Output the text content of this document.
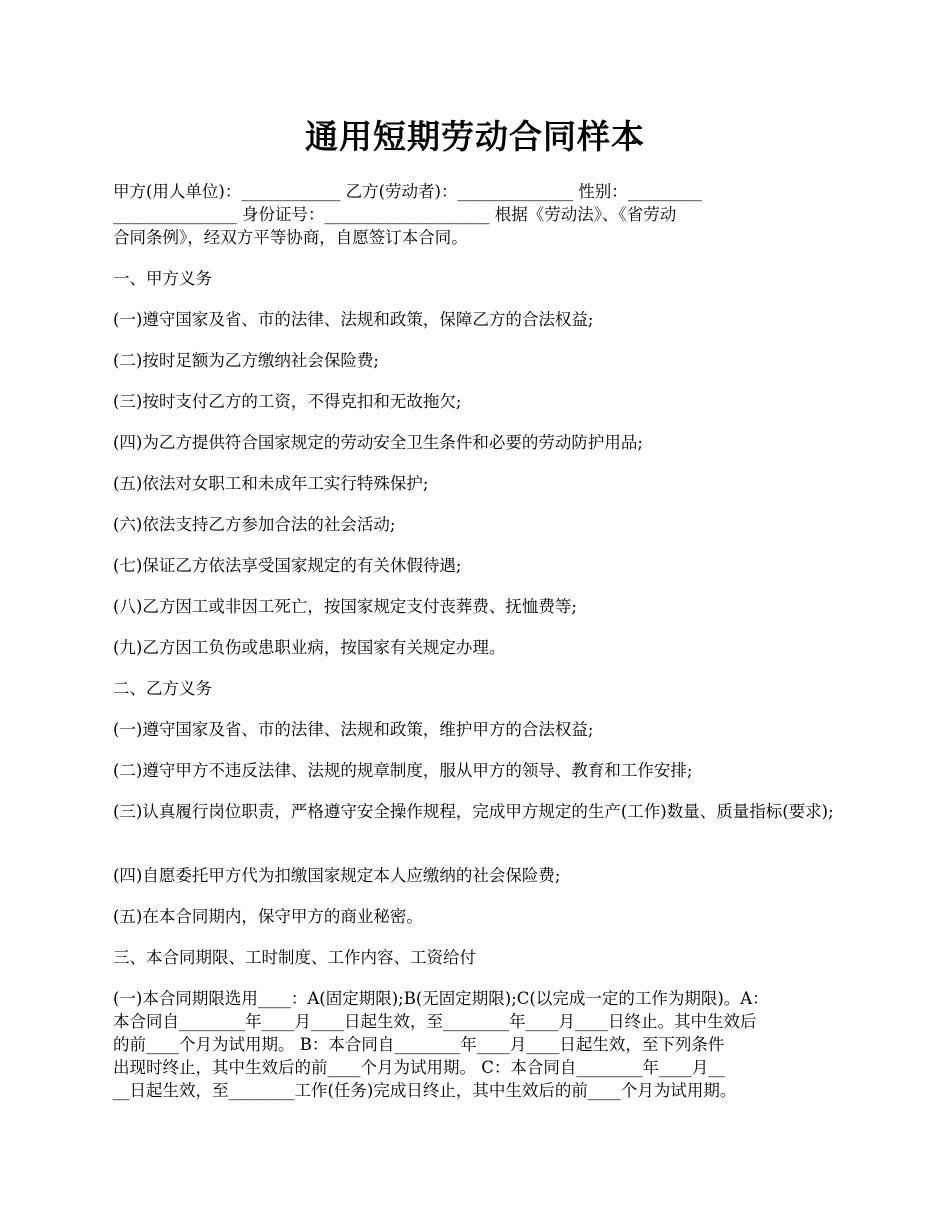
通用短期劳动合同样本
甲方(用人单位)：____________ 乙方(劳动者)：______________ 性别：_________
_______________ 身份证号：____________________ 根据《劳动法》、《省劳动
合同条例》，经双方平等协商，自愿签订本合同。
一、甲方义务
(一)遵守国家及省、市的法律、法规和政策，保障乙方的合法权益;
(二)按时足额为乙方缴纳社会保险费;
(三)按时支付乙方的工资，不得克扣和无故拖欠;
(四)为乙方提供符合国家规定的劳动安全卫生条件和必要的劳动防护用品;
(五)依法对女职工和未成年工实行特殊保护;
(六)依法支持乙方参加合法的社会活动;
(七)保证乙方依法享受国家规定的有关休假待遇;
(八)乙方因工或非因工死亡，按国家规定支付丧葬费、抚恤费等;
(九)乙方因工负伤或患职业病，按国家有关规定办理。
二、乙方义务
(一)遵守国家及省、市的法律、法规和政策，维护甲方的合法权益;
(二)遵守甲方不违反法律、法规的规章制度，服从甲方的领导、教育和工作安排;
(三)认真履行岗位职责，严格遵守安全操作规程，完成甲方规定的生产(工作)数量、质量指标(要求);
(四)自愿委托甲方代为扣缴国家规定本人应缴纳的社会保险费;
(五)在本合同期内，保守甲方的商业秘密。
三、本合同期限、工时制度、工作内容、工资给付
(一)本合同期限选用____：A(固定期限);B(无固定期限);C(以完成一定的工作为期限)。A：
本合同自________年____月____日起生效，至________年____月____日终止。其中生效后
的前____个月为试用期。 B：本合同自________年____月____日起生效，至下列条件
出现时终止，其中生效后的前____个月为试用期。 C：本合同自________年____月__
__日起生效，至________工作(任务)完成日终止，其中生效后的前____个月为试用期。
